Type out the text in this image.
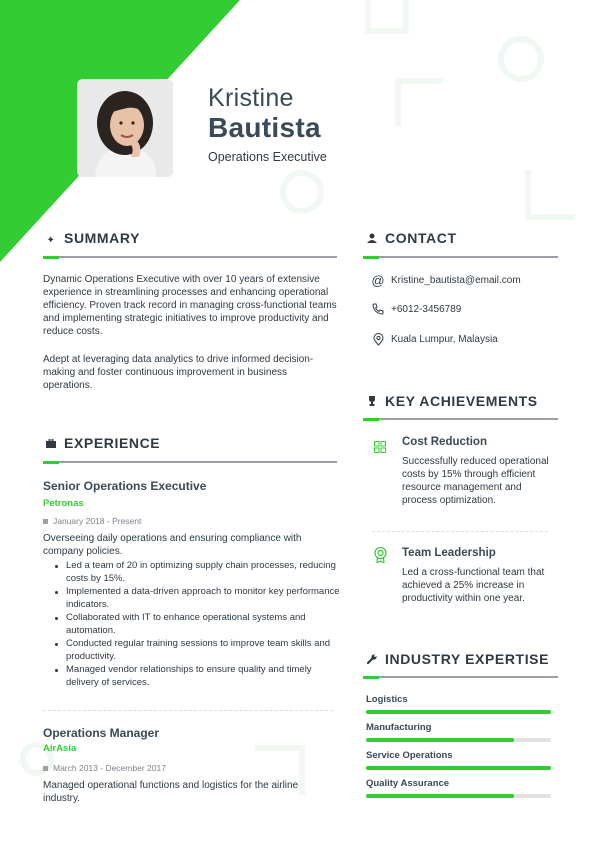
Kristine
Bautista
Operations Executive
✦ SUMMARY
Dynamic Operations Executive with over 10 years of extensive experience in streamlining processes and enhancing operational efficiency. Proven track record in managing cross-functional teams and implementing strategic initiatives to improve productivity and reduce costs.
Adept at leveraging data analytics to drive informed decision-making and foster continuous improvement in business operations.
EXPERIENCE
Senior Operations Executive
Petronas
January 2018 - Present
Overseeing daily operations and ensuring compliance with company policies.
Led a team of 20 in optimizing supply chain processes, reducing costs by 15%.
Implemented a data-driven approach to monitor key performance indicators.
Collaborated with IT to enhance operational systems and automation.
Conducted regular training sessions to improve team skills and productivity.
Managed vendor relationships to ensure quality and timely delivery of services.
Operations Manager
AirAsia
March 2013 - December 2017
Managed operational functions and logistics for the airline industry.
CONTACT
@ Kristine_bautista@email.com
+6012-3456789
Kuala Lumpur, Malaysia
KEY ACHIEVEMENTS
Cost Reduction
Successfully reduced operational costs by 15% through efficient resource management and process optimization.
Team Leadership
Led a cross-functional team that achieved a 25% increase in productivity within one year.
INDUSTRY EXPERTISE
Logistics
Manufacturing
Service Operations
Quality Assurance
